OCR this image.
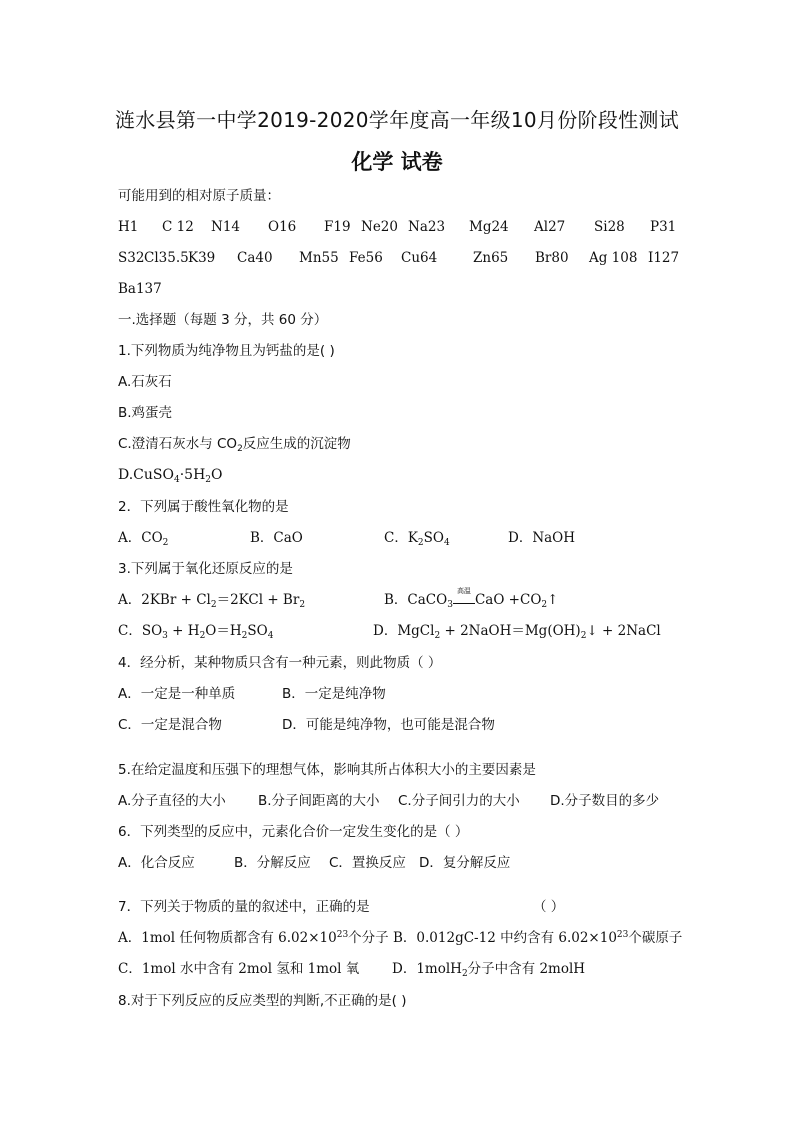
涟水县第一中学2019-2020学年度高一年级10月份阶段性测试
化学 试卷
可能用到的相对原子质量：
H1 C 12 N14 O16 F19 Ne20 Na23 Mg24 Al27 Si28 P31
S32 Cl35.5 K39 Ca40 Mn55 Fe56 Cu64	Zn65 Br80 Ag 108 I127
Ba137
一.选择题（每题 3 分，共 60 分）
1.下列物质为纯净物且为钙盐的是( )
A.石灰石
B.鸡蛋壳
C.澄清石灰水与 $CO_2$反应生成的沉淀物
$D.CuSO_4\cdot 5H_2O$
2．下列属于酸性氧化物的是
A．$CO_2$	B．CaO	C．$K_2SO_4$	D．NaOH
3.下列属于氧化还原反应的是
A．$2KBr + Cl_2=2KCl + Br_2$	B．CaCO$_3$
高温
CaO $+CO_2↑$
C．$SO_3 + H_2O=H_2SO_4$	D．MgCl$_2$ + $2NaOH=Mg(OH)_2↓$ + 2NaCl
4．经分析，某种物质只含有一种元素，则此物质（ ）
A．一定是一种单质	B．一定是纯净物
C．一定是混合物	D．可能是纯净物，也可能是混合物
5.在给定温度和压强下的理想气体，影响其所占体积大小的主要因素是
A.分子直径的大小 B.分子间距离的大小 C.分子间引力的大小 D.分子数目的多少
6．下列类型的反应中，元素化合价一定发生变化的是（ ）
A．化合反应	B．分解反应 C．置换反应 D．复分解反应
7．下列关于物质的量的叙述中，正确的是	（ ）
A．1mol 任何物质都含有 $6.02\times 10^{23}$个分子 B．0.012gC-12 中约含有 $6.02\times 10^{23}$个碳原子
C．1mol 水中含有 2mol 氢和 1mol 氧 D．1molH$_2$分子中含有 2molH
8.对于下列反应的反应类型的判断,不正确的是( )
